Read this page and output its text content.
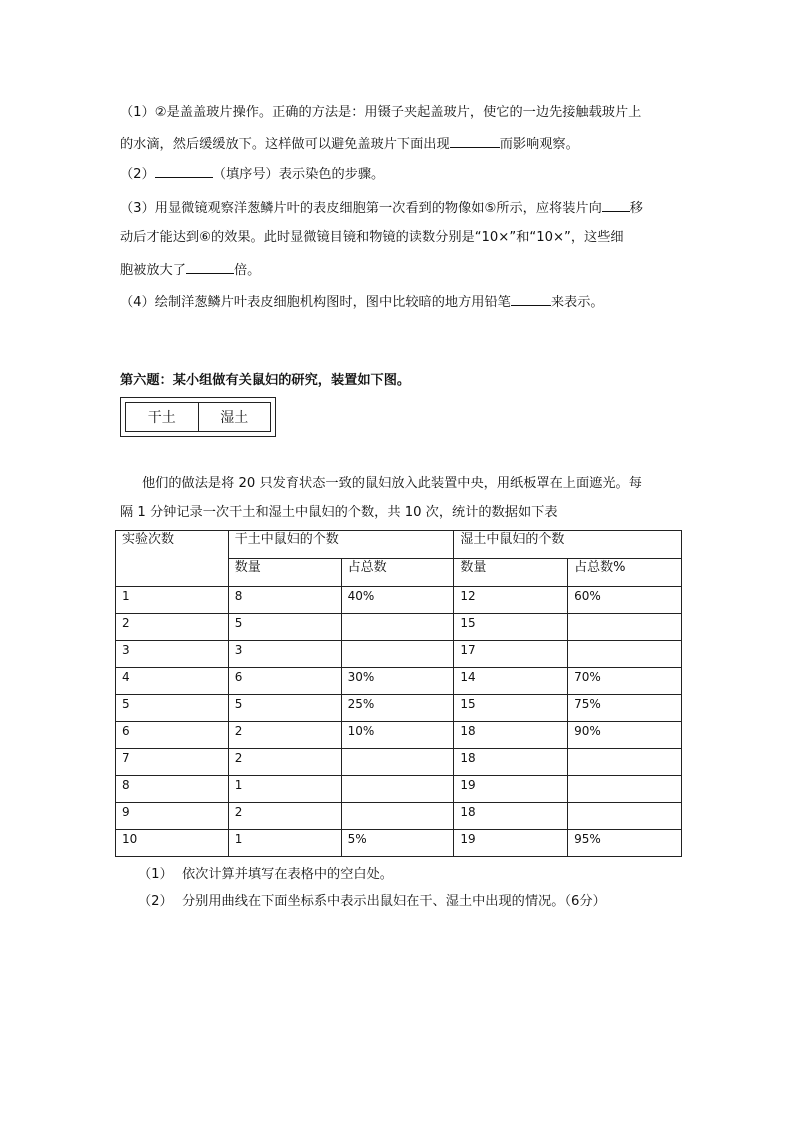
（1）②是盖盖玻片操作。正确的方法是：用镊子夹起盖玻片，使它的一边先接触载玻片上
的水滴，然后缓缓放下。这样做可以避免盖玻片下面出现	而影响观察。
（2）	（填序号）表示染色的步骤。
（3）用显微镜观察洋葱鳞片叶的表皮细胞第一次看到的物像如⑤所示，应将装片向 移
动后才能达到⑥的效果。此时显微镜目镜和物镜的读数分别是“10×”和“10×”，这些细
胞被放大了	倍。
（4）绘制洋葱鳞片叶表皮细胞机构图时，图中比较暗的地方用铅笔	来表示。
第六题：某小组做有关鼠妇的研究，装置如下图。
干土	湿土
他们的做法是将 20 只发育状态一致的鼠妇放入此装置中央，用纸板罩在上面遮光。每
隔 1 分钟记录一次干土和湿土中鼠妇的个数，共 10 次，统计的数据如下表
实验次数	干土中鼠妇的个数		湿土中鼠妇的个数	
	数量	占总数	数量	占总数%
1	8	40%	12	60%
2	5		15	
3	3		17	
4	6	30%	14	70%
5	5	25%	15	75%
6	2	10%	18	90%
7	2		18	
8	1		19	
9	2		18	
10	1	5%	19	95%
（1） 依次计算并填写在表格中的空白处。
（2） 分别用曲线在下面坐标系中表示出鼠妇在干、湿土中出现的情况。（6分）
